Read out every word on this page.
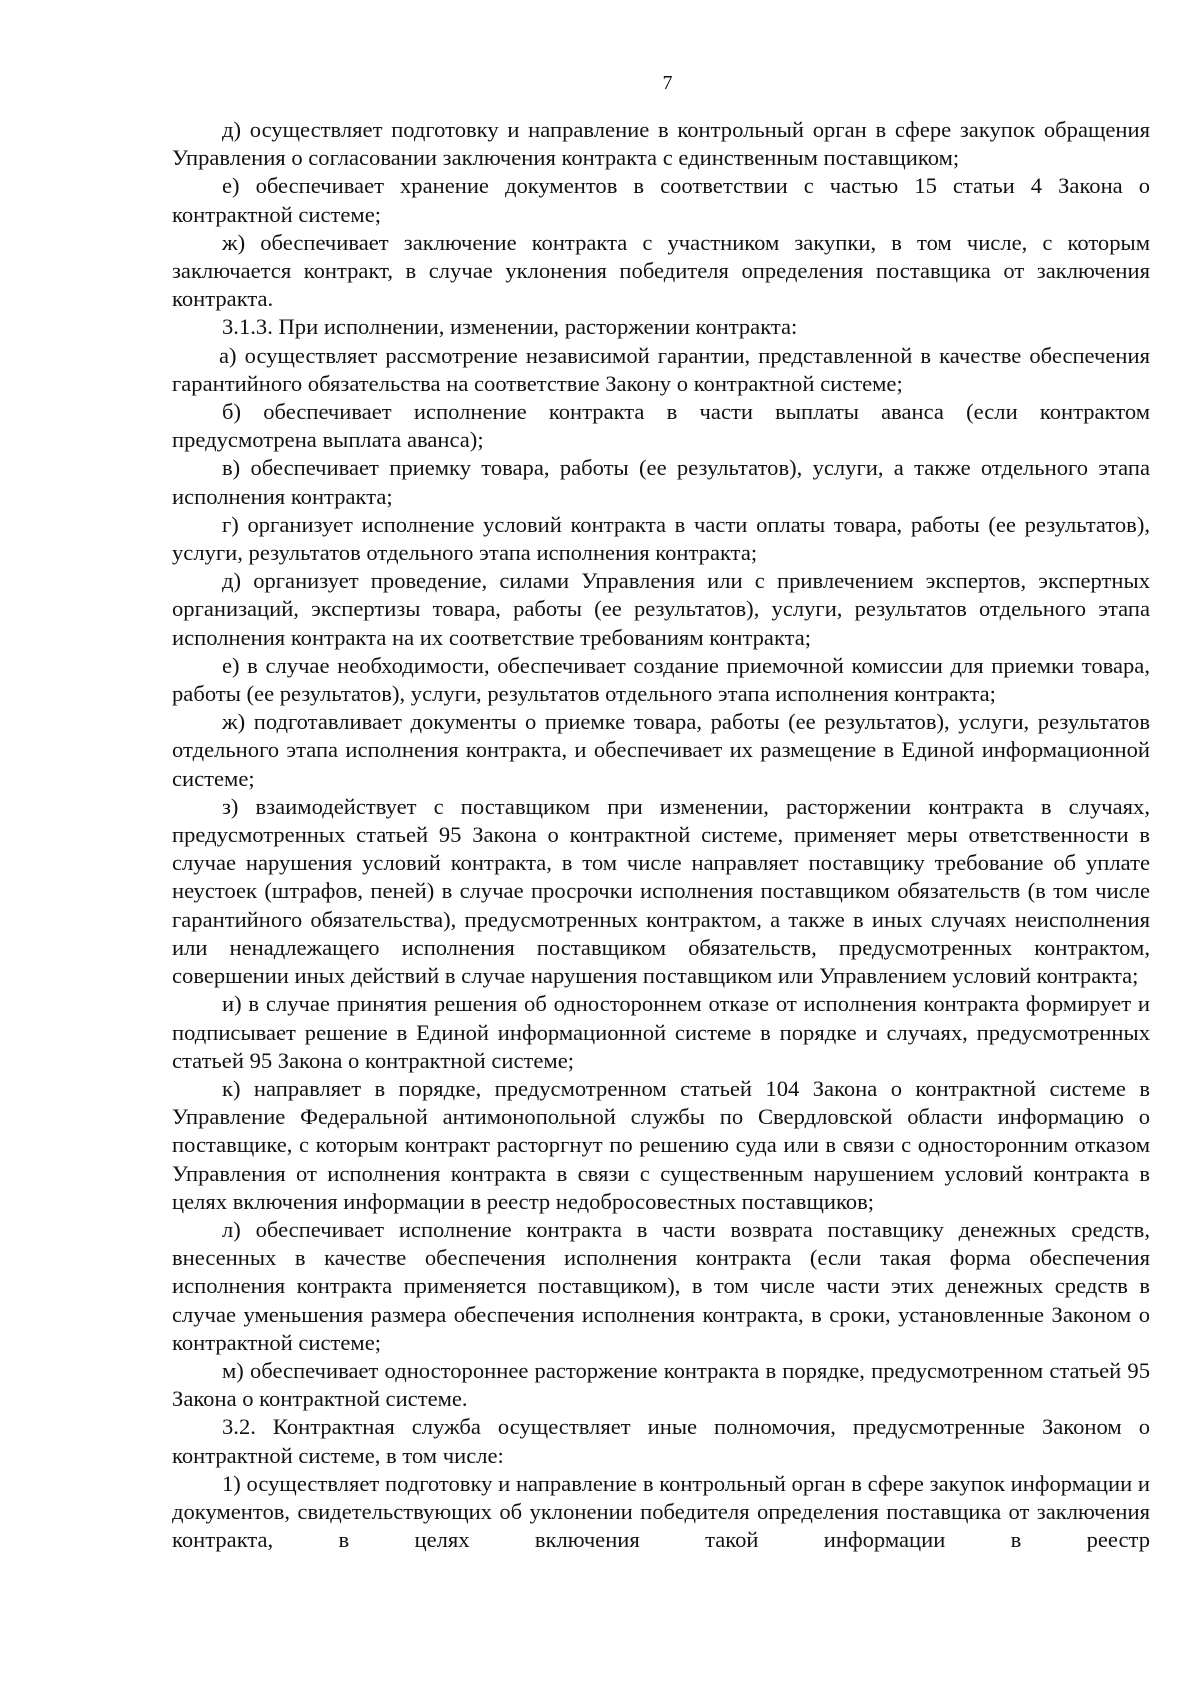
7

д) осуществляет подготовку и направление в контрольный орган в сфере закупок обращения Управления о согласовании заключения контракта с единственным поставщиком;

е) обеспечивает хранение документов в соответствии с частью 15 статьи 4 Закона о контрактной системе;

ж) обеспечивает заключение контракта с участником закупки, в том числе, с которым заключается контракт, в случае уклонения победителя определения поставщика от заключения контракта.

3.1.3. При исполнении, изменении, расторжении контракта:

а) осуществляет рассмотрение независимой гарантии, представленной в качестве обеспечения гарантийного обязательства на соответствие Закону о контрактной системе;

б) обеспечивает исполнение контракта в части выплаты аванса (если контрактом предусмотрена выплата аванса);

в) обеспечивает приемку товара, работы (ее результатов), услуги, а также отдельного этапа исполнения контракта;

г) организует исполнение условий контракта в части оплаты товара, работы (ее результатов), услуги, результатов отдельного этапа исполнения контракта;

д) организует проведение, силами Управления или с привлечением экспертов, экспертных организаций, экспертизы товара, работы (ее результатов), услуги, результатов отдельного этапа исполнения контракта на их соответствие требованиям контракта;

е) в случае необходимости, обеспечивает создание приемочной комиссии для приемки товара, работы (ее результатов), услуги, результатов отдельного этапа исполнения контракта;

ж) подготавливает документы о приемке товара, работы (ее результатов), услуги, результатов отдельного этапа исполнения контракта, и обеспечивает их размещение в Единой информационной системе;

з) взаимодействует с поставщиком при изменении, расторжении контракта в случаях, предусмотренных статьей 95 Закона о контрактной системе, применяет меры ответственности в случае нарушения условий контракта, в том числе направляет поставщику требование об уплате неустоек (штрафов, пеней) в случае просрочки исполнения поставщиком обязательств (в том числе гарантийного обязательства), предусмотренных контрактом, а также в иных случаях неисполнения или ненадлежащего исполнения поставщиком обязательств, предусмотренных контрактом, совершении иных действий в случае нарушения поставщиком или Управлением условий контракта;

и) в случае принятия решения об одностороннем отказе от исполнения контракта формирует и подписывает решение в Единой информационной системе в порядке и случаях, предусмотренных статьей 95 Закона о контрактной системе;

к) направляет в порядке, предусмотренном статьей 104 Закона о контрактной системе в Управление Федеральной антимонопольной службы по Свердловской области информацию о поставщике, с которым контракт расторгнут по решению суда или в связи с односторонним отказом Управления от исполнения контракта в связи с существенным нарушением условий контракта в целях включения информации в реестр недобросовестных поставщиков;

л) обеспечивает исполнение контракта в части возврата поставщику денежных средств, внесенных в качестве обеспечения исполнения контракта (если такая форма обеспечения исполнения контракта применяется поставщиком), в том числе части этих денежных средств в случае уменьшения размера обеспечения исполнения контракта, в сроки, установленные Законом о контрактной системе;

м) обеспечивает одностороннее расторжение контракта в порядке, предусмотренном статьей 95 Закона о контрактной системе.

3.2. Контрактная служба осуществляет иные полномочия, предусмотренные Законом о контрактной системе, в том числе:

1) осуществляет подготовку и направление в контрольный орган в сфере закупок информации и документов, свидетельствующих об уклонении победителя определения поставщика от заключения контракта, в целях включения такой информации в реестр
